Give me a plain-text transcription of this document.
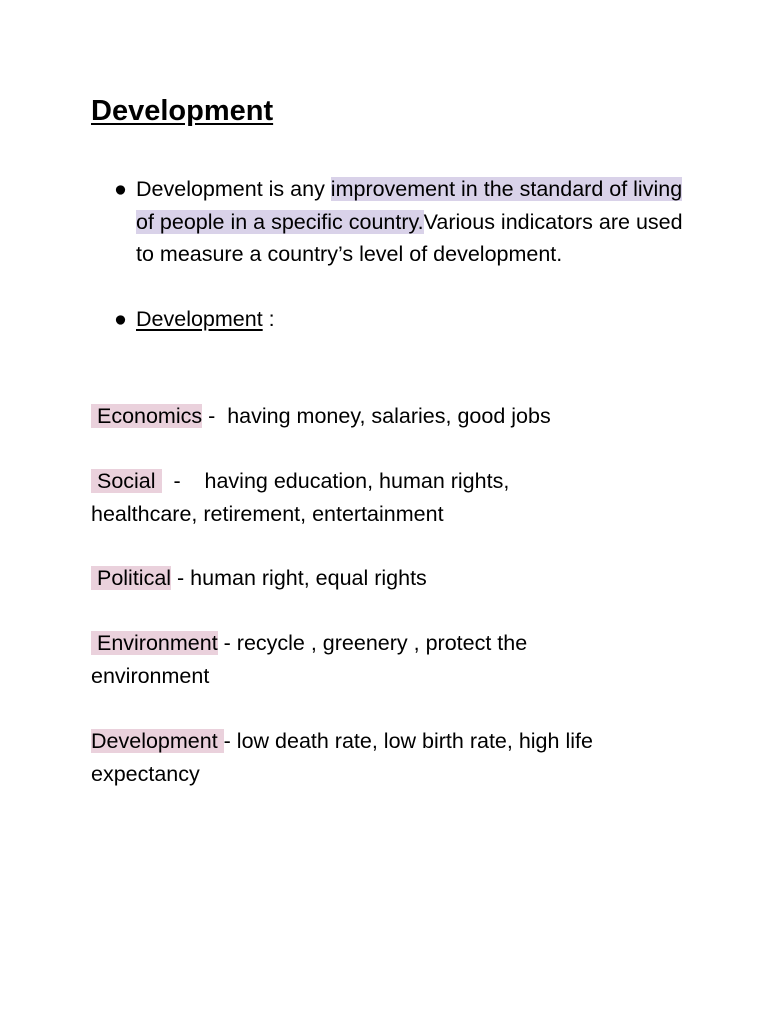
Development
● Development is any improvement in the standard of living of people in a specific country.Various indicators are used to measure a country’s level of development.
● Development :

Economics -  having money, salaries, good jobs

Social   -    having education, human rights, healthcare, retirement, entertainment

Political - human right, equal rights

Environment - recycle , greenery , protect the environment

Development - low death rate, low birth rate, high life expectancy
